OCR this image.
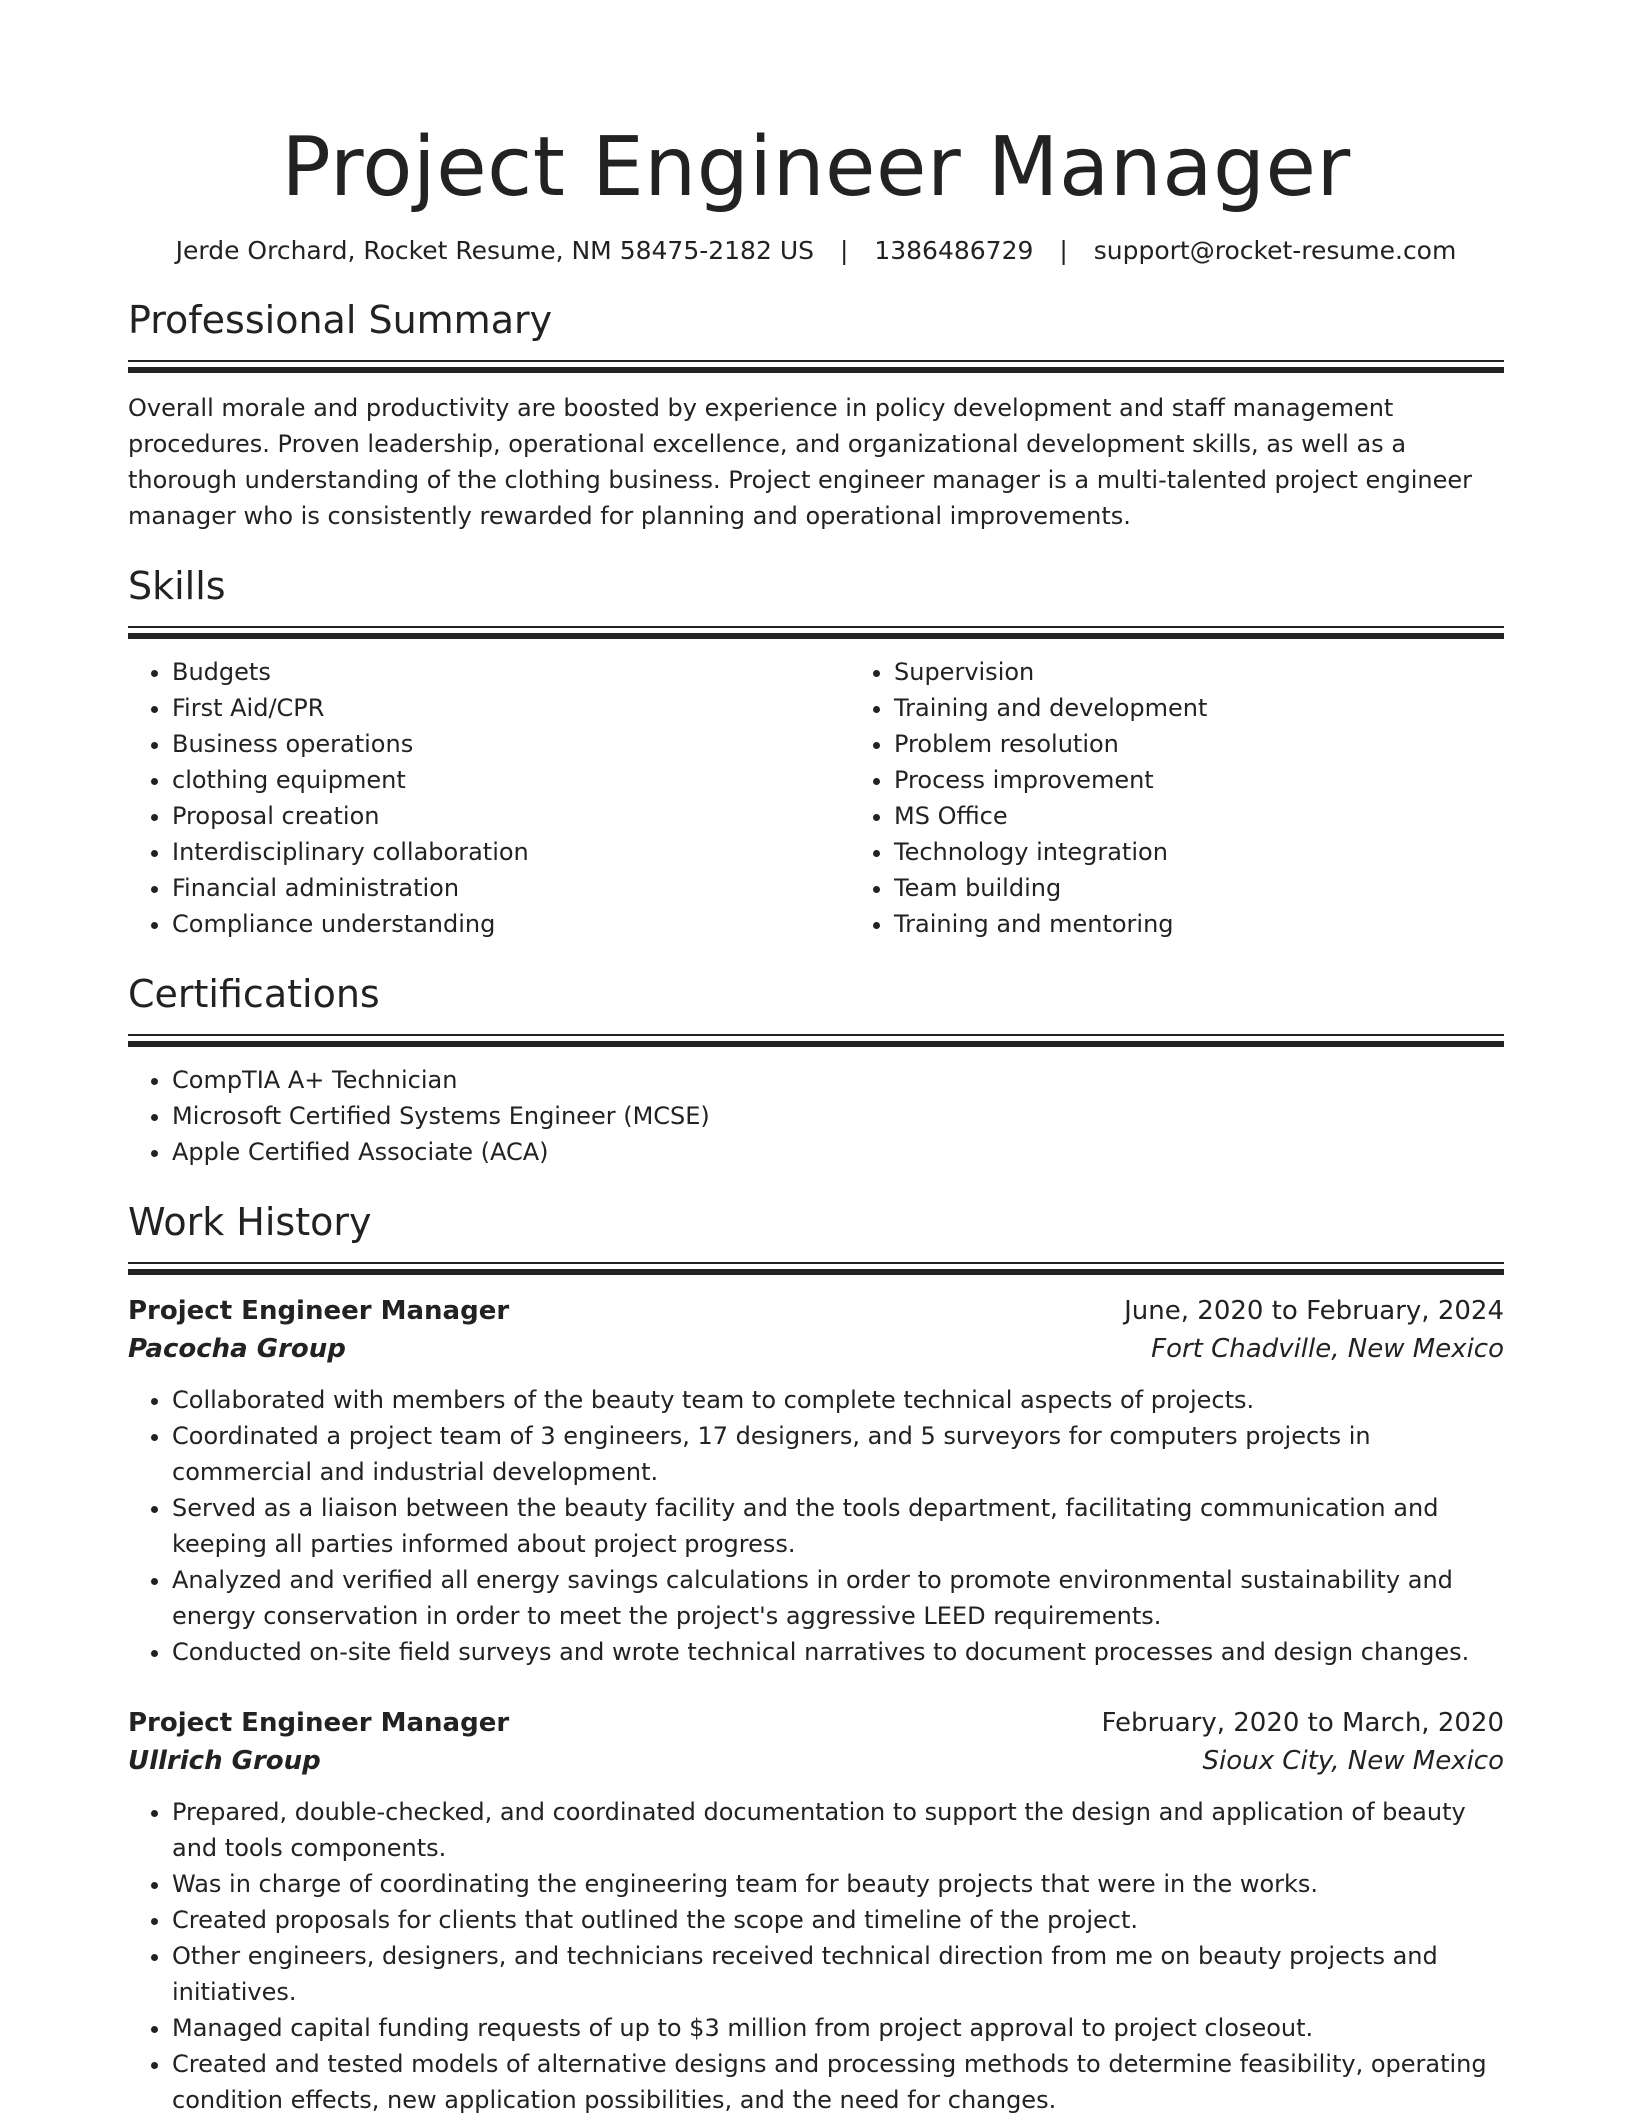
Project Engineer Manager
Jerde Orchard, Rocket Resume, NM 58475-2182 US | 1386486729 | support@rocket-resume.com
Professional Summary
Overall morale and productivity are boosted by experience in policy development and staff management procedures. Proven leadership, operational excellence, and organizational development skills, as well as a thorough understanding of the clothing business. Project engineer manager is a multi-talented project engineer manager who is consistently rewarded for planning and operational improvements.
Skills
• Budgets
• First Aid/CPR
• Business operations
• clothing equipment
• Proposal creation
• Interdisciplinary collaboration
• Financial administration
• Compliance understanding
• Supervision
• Training and development
• Problem resolution
• Process improvement
• MS Office
• Technology integration
• Team building
• Training and mentoring
Certifications
• CompTIA A+ Technician
• Microsoft Certified Systems Engineer (MCSE)
• Apple Certified Associate (ACA)
Work History
Project Engineer Manager	June, 2020 to February, 2024
Pacocha Group	Fort Chadville, New Mexico
• Collaborated with members of the beauty team to complete technical aspects of projects.
• Coordinated a project team of 3 engineers, 17 designers, and 5 surveyors for computers projects in commercial and industrial development.
• Served as a liaison between the beauty facility and the tools department, facilitating communication and keeping all parties informed about project progress.
• Analyzed and verified all energy savings calculations in order to promote environmental sustainability and energy conservation in order to meet the project's aggressive LEED requirements.
• Conducted on-site field surveys and wrote technical narratives to document processes and design changes.
Project Engineer Manager	February, 2020 to March, 2020
Ullrich Group	Sioux City, New Mexico
• Prepared, double-checked, and coordinated documentation to support the design and application of beauty and tools components.
• Was in charge of coordinating the engineering team for beauty projects that were in the works.
• Created proposals for clients that outlined the scope and timeline of the project.
• Other engineers, designers, and technicians received technical direction from me on beauty projects and initiatives.
• Managed capital funding requests of up to $3 million from project approval to project closeout.
• Created and tested models of alternative designs and processing methods to determine feasibility, operating condition effects, new application possibilities, and the need for changes.
